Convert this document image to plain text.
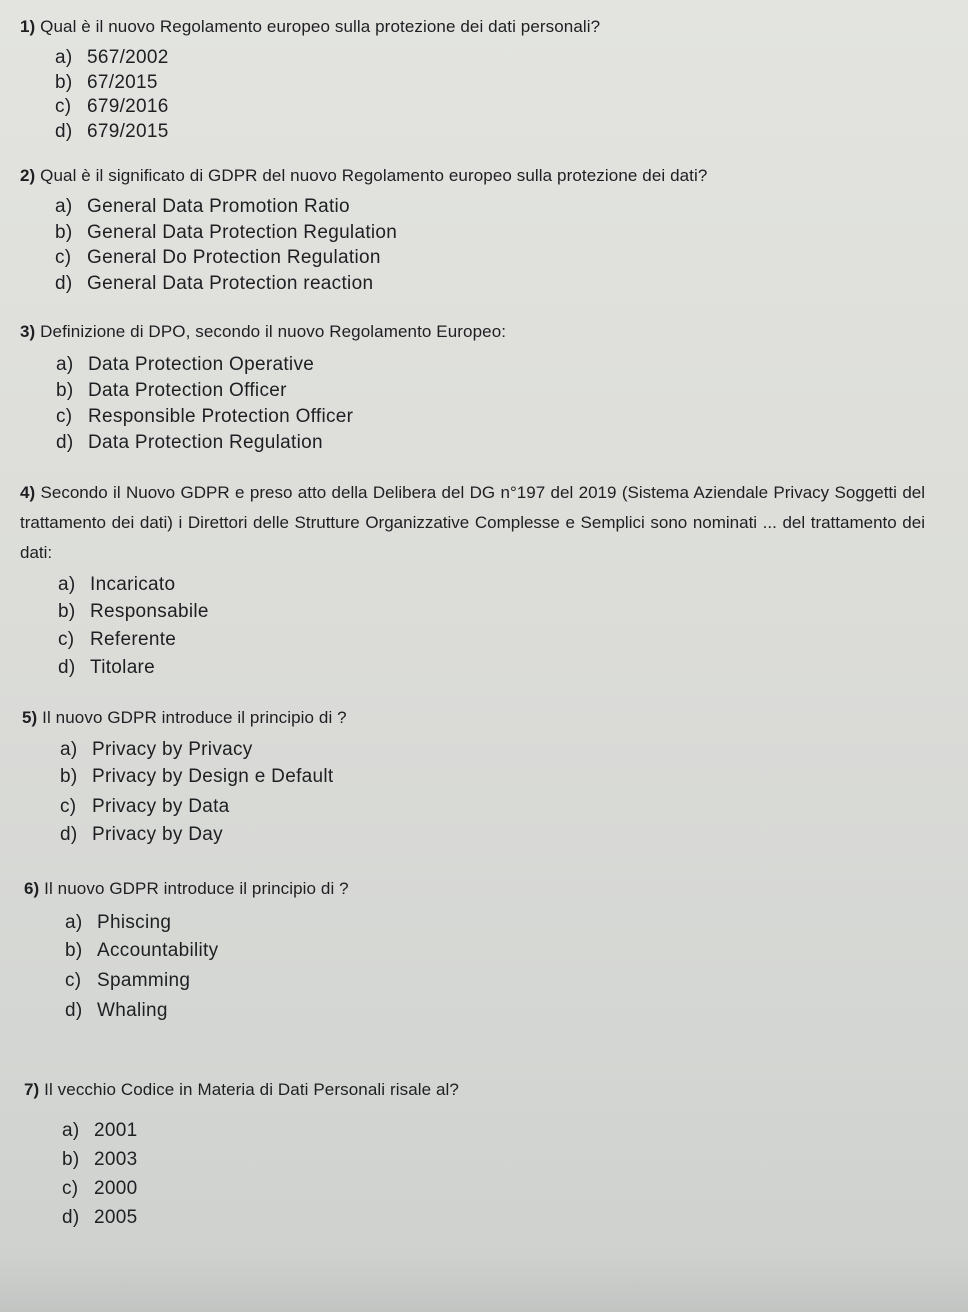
1) Qual è il nuovo Regolamento europeo sulla protezione dei dati personali?
a) 567/2002
b) 67/2015
c) 679/2016
d) 679/2015
2) Qual è il significato di GDPR del nuovo Regolamento europeo sulla protezione dei dati?
a) General Data Promotion Ratio
b) General Data Protection Regulation
c) General Do Protection Regulation
d) General Data Protection reaction
3) Definizione di DPO, secondo il nuovo Regolamento Europeo:
a) Data Protection Operative
b) Data Protection Officer
c) Responsible Protection Officer
d) Data Protection Regulation
4) Secondo il Nuovo GDPR e preso atto della Delibera del DG n°197 del 2019 (Sistema Aziendale Privacy Soggetti del trattamento dei dati) i Direttori delle Strutture Organizzative Complesse e Semplici sono nominati ... del trattamento dei dati:
a) Incaricato
b) Responsabile
c) Referente
d) Titolare
5) Il nuovo GDPR introduce il principio di ?
a) Privacy by Privacy
b) Privacy by Design e Default
c) Privacy by Data
d) Privacy by Day
6) Il nuovo GDPR introduce il principio di ?
a) Phiscing
b) Accountability
c) Spamming
d) Whaling
7) Il vecchio Codice in Materia di Dati Personali risale al?
a) 2001
b) 2003
c) 2000
d) 2005
